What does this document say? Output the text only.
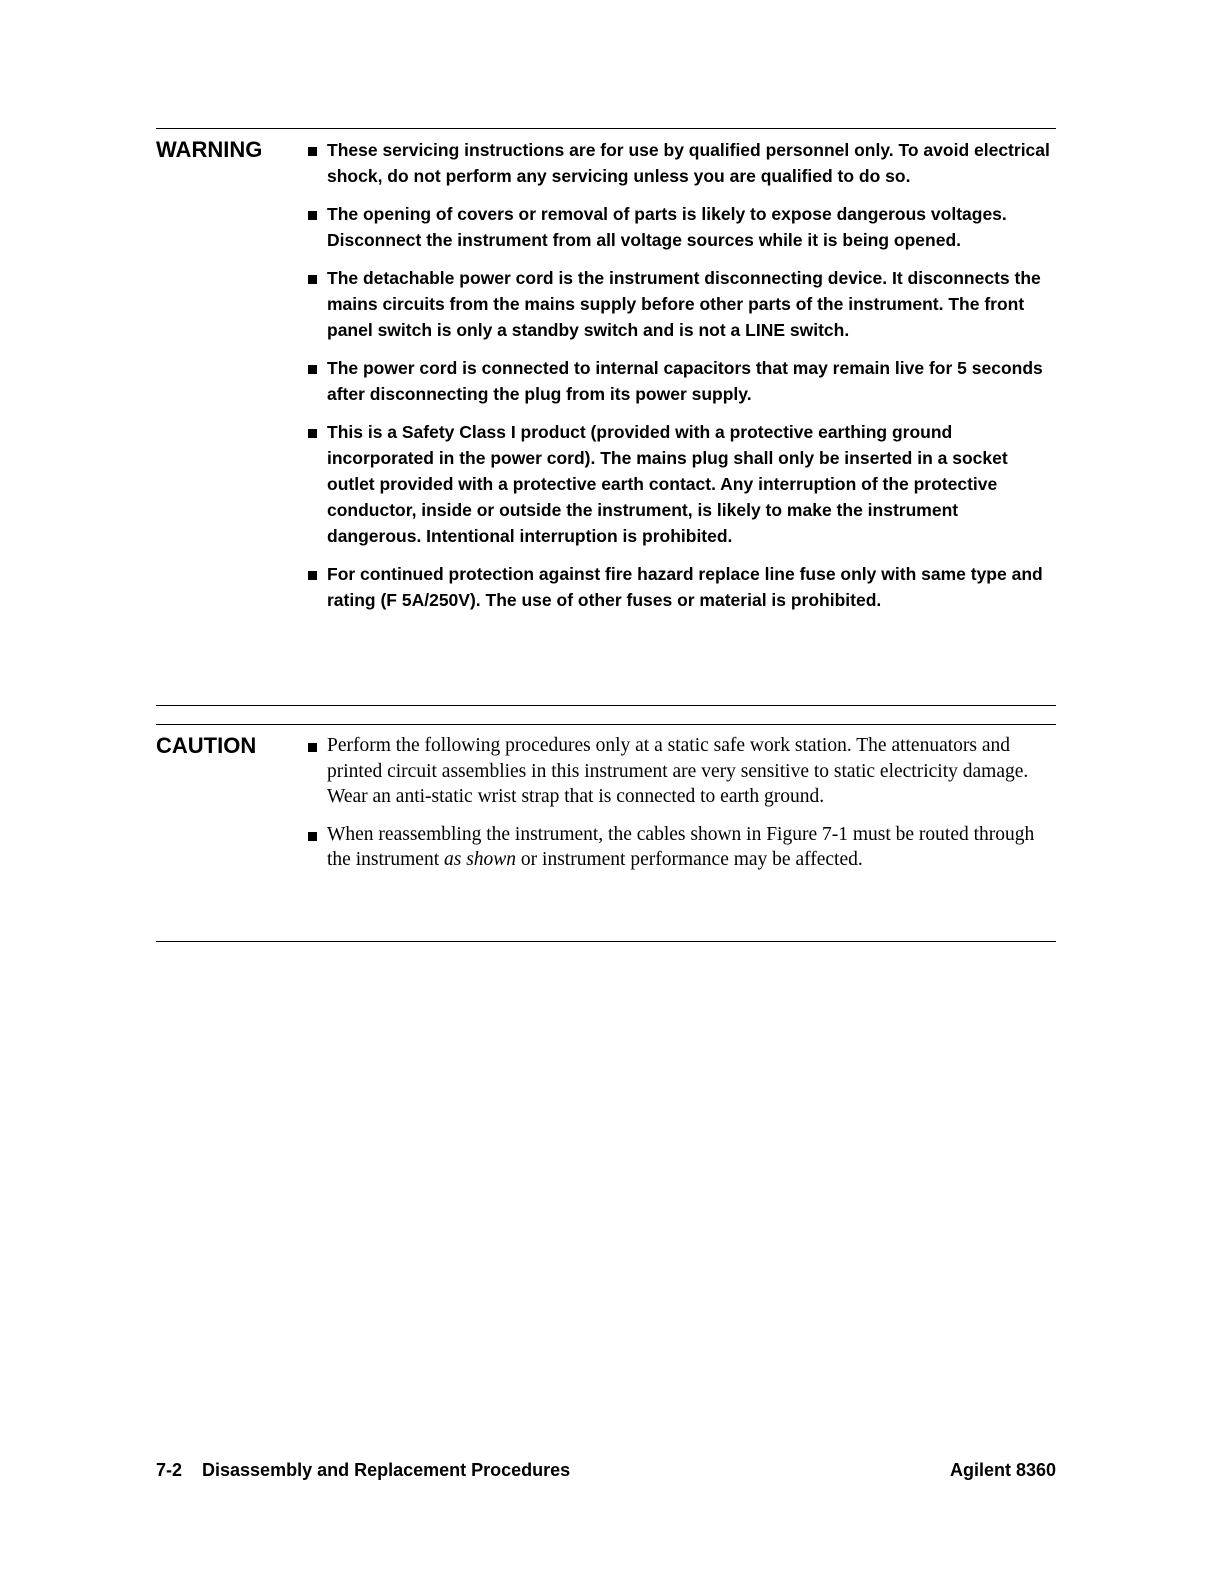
WARNING	These servicing instructions are for use by qualified personnel only. To avoid electrical shock, do not perform any servicing unless you are qualified to do so.
The opening of covers or removal of parts is likely to expose dangerous voltages. Disconnect the instrument from all voltage sources while it is being opened.
The detachable power cord is the instrument disconnecting device. It disconnects the mains circuits from the mains supply before other parts of the instrument. The front panel switch is only a standby switch and is not a LINE switch.
The power cord is connected to internal capacitors that may remain live for 5 seconds after disconnecting the plug from its power supply.
This is a Safety Class I product (provided with a protective earthing ground incorporated in the power cord). The mains plug shall only be inserted in a socket outlet provided with a protective earth contact. Any interruption of the protective conductor, inside or outside the instrument, is likely to make the instrument dangerous. Intentional interruption is prohibited.
For continued protection against fire hazard replace line fuse only with same type and rating (F 5A/250V). The use of other fuses or material is prohibited.
CAUTION	Perform the following procedures only at a static safe work station. The attenuators and printed circuit assemblies in this instrument are very sensitive to static electricity damage. Wear an anti-static wrist strap that is connected to earth ground.
When reassembling the instrument, the cables shown in Figure 7-1 must be routed through the instrument as shown or instrument performance may be affected.
7-2 Disassembly and Replacement Procedures	Agilent 8360
